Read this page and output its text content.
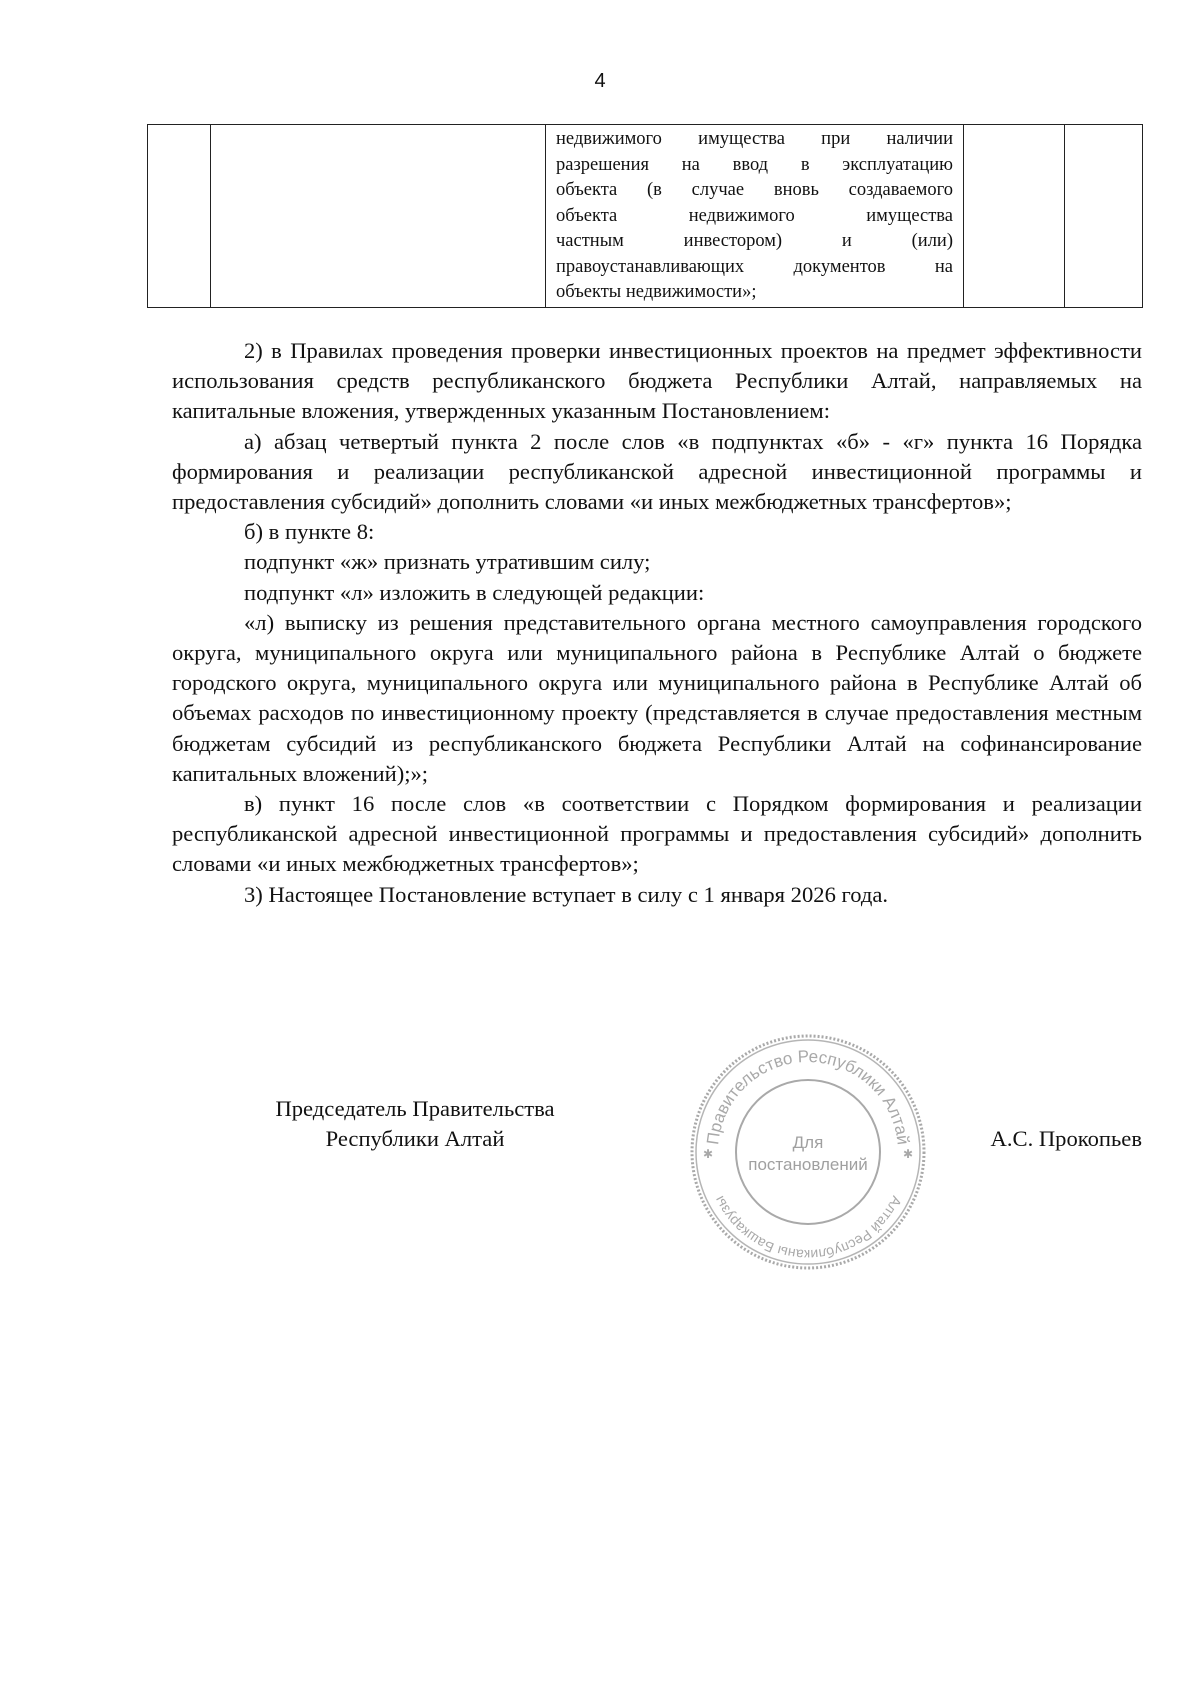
4

недвижимого имущества при наличии
разрешения на ввод в эксплуатацию
объекта (в случае вновь создаваемого
объекта недвижимого имущества
частным инвестором) и (или)
правоустанавливающих документов на
объекты недвижимости»;

2) в Правилах проведения проверки инвестиционных проектов на предмет эффективности использования средств республиканского бюджета Республики Алтай, направляемых на капитальные вложения, утвержденных указанным Постановлением:

а) абзац четвертый пункта 2 после слов «в подпунктах «б» - «г» пункта 16 Порядка формирования и реализации республиканской адресной инвестиционной программы и предоставления субсидий» дополнить словами «и иных межбюджетных трансфертов»;

б) в пункте 8:

подпункт «ж» признать утратившим силу;

подпункт «л» изложить в следующей редакции:

«л) выписку из решения представительного органа местного самоуправления городского округа, муниципального округа или муниципального района в Республике Алтай о бюджете городского округа, муниципального округа или муниципального района в Республике Алтай об объемах расходов по инвестиционному проекту (представляется в случае предоставления местным бюджетам субсидий из республиканского бюджета Республики Алтай на софинансирование капитальных вложений);»;

в) пункт 16 после слов «в соответствии с Порядком формирования и реализации республиканской адресной инвестиционной программы и предоставления субсидий» дополнить словами «и иных межбюджетных трансфертов»;

3) Настоящее Постановление вступает в силу с 1 января 2026 года.

Председатель Правительства
Республики Алтай	Правительство Республики Алтай
Алтай Республиканы Башкарузы
✱	✱
Для
постановлений
А.С. Прокопьев
